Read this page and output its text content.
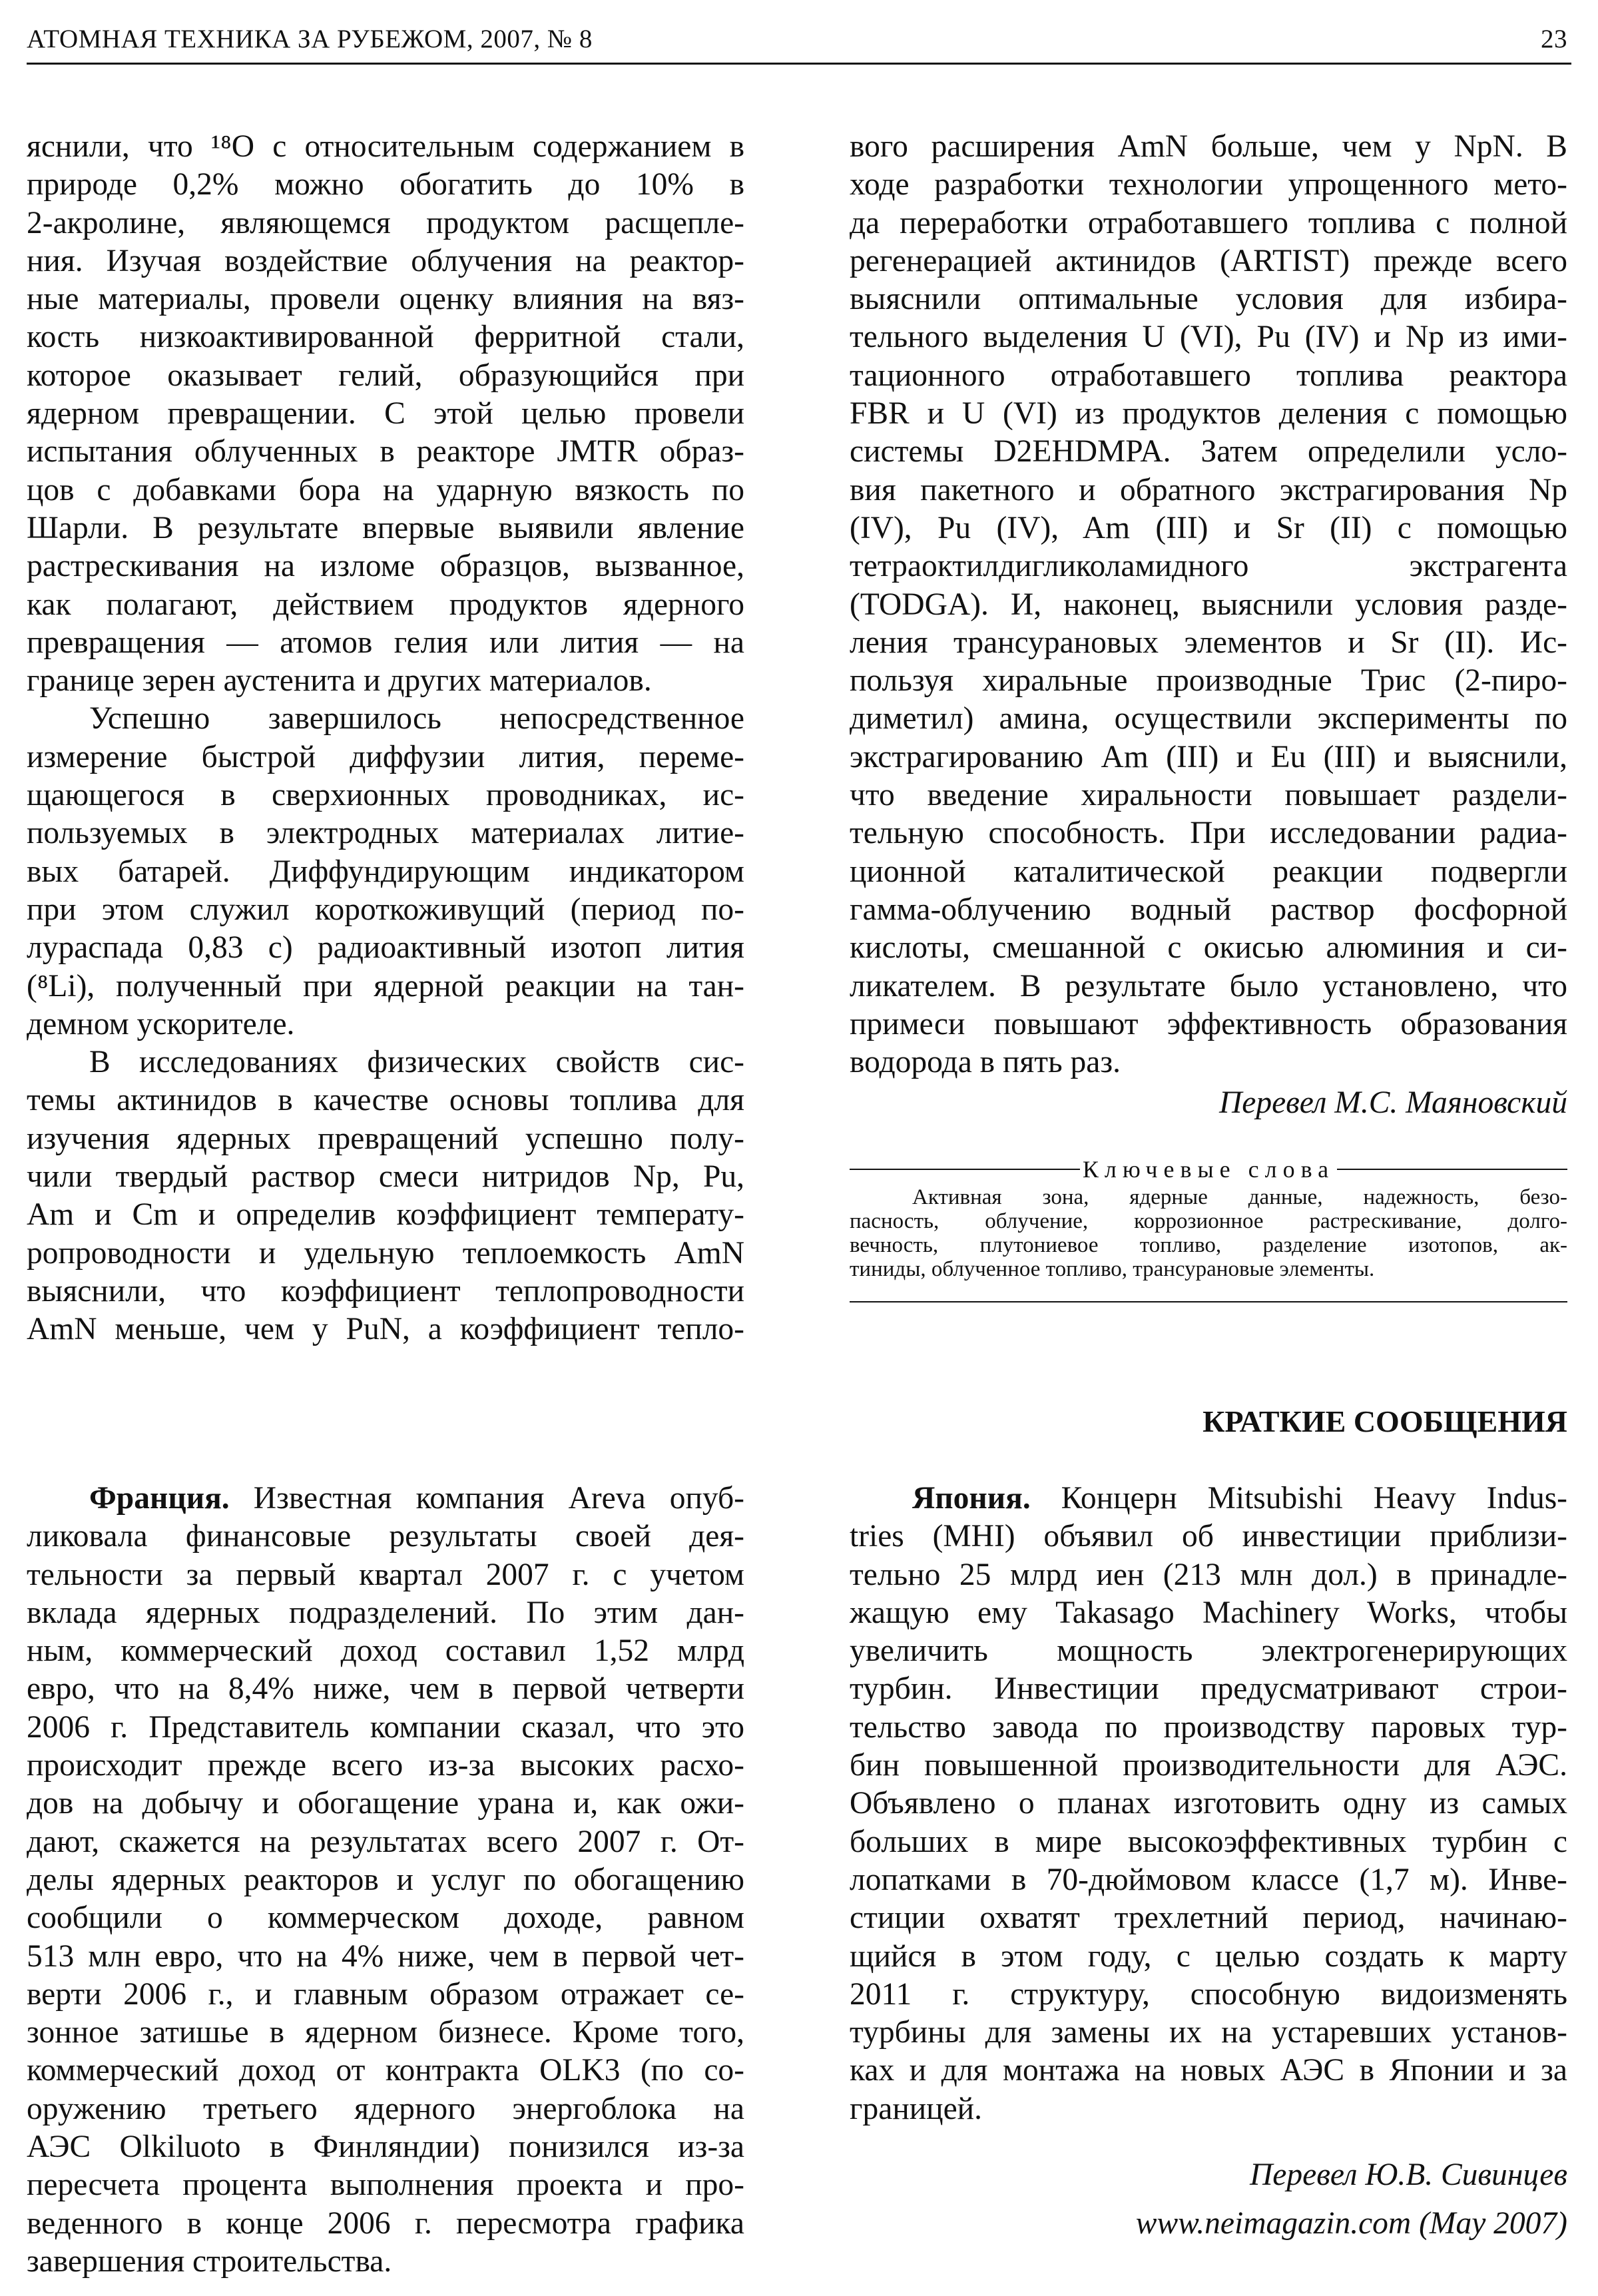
АТОМНАЯ ТЕХНИКА ЗА РУБЕЖОМ, 2007, № 8	23
яснили, что ¹⁸О с относительным содержанием в
природе 0,2% можно обогатить до 10% в
2-акролине, являющемся продуктом расщепле-
ния. Изучая воздействие облучения на реактор-
ные материалы, провели оценку влияния на вяз-
кость низкоактивированной ферритной стали,
которое оказывает гелий, образующийся при
ядерном превращении. С этой целью провели
испытания облученных в реакторе JMTR образ-
цов с добавками бора на ударную вязкость по
Шарли. В результате впервые выявили явление
растрескивания на изломе образцов, вызванное,
как полагают, действием продуктов ядерного
превращения — атомов гелия или лития — на
границе зерен аустенита и других материалов.
Успешно завершилось непосредственное
измерение быстрой диффузии лития, переме-
щающегося в сверхионных проводниках, ис-
пользуемых в электродных материалах литие-
вых батарей. Диффундирующим индикатором
при этом служил короткоживущий (период по-
лураспада 0,83 с) радиоактивный изотоп лития
(⁸Li), полученный при ядерной реакции на тан-
демном ускорителе.
В исследованиях физических свойств сис-
темы актинидов в качестве основы топлива для
изучения ядерных превращений успешно полу-
чили твердый раствор смеси нитридов Np, Pu,
Am и Cm и определив коэффициент температу-
ропроводности и удельную теплоемкость AmN
выяснили, что коэффициент теплопроводности
AmN меньше, чем у PuN, а коэффициент тепло-
вого расширения AmN больше, чем у NpN. В
ходе разработки технологии упрощенного мето-
да переработки отработавшего топлива с полной
регенерацией актинидов (ARTIST) прежде всего
выяснили оптимальные условия для избира-
тельного выделения U (VI), Pu (IV) и Np из ими-
тационного отработавшего топлива реактора
FBR и U (VI) из продуктов деления с помощью
системы D2EHDMPA. Затем определили усло-
вия пакетного и обратного экстрагирования Np
(IV), Pu (IV), Am (III) и Sr (II) с помощью
тетраоктилдигликоламидного экстрагента
(TODGA). И, наконец, выяснили условия разде-
ления трансурановых элементов и Sr (II). Ис-
пользуя хиральные производные Трис (2-пиро-
диметил) амина, осуществили эксперименты по
экстрагированию Am (III) и Eu (III) и выяснили,
что введение хиральности повышает раздели-
тельную способность. При исследовании радиа-
ционной каталитической реакции подвергли
гамма-облучению водный раствор фосфорной
кислоты, смешанной с окисью алюминия и си-
ликателем. В результате было установлено, что
примеси повышают эффективность образования
водорода в пять раз.
Перевел М.С. Маяновский
Ключевые слова
Активная зона, ядерные данные, надежность, безо-
пасность, облучение, коррозионное растрескивание, долго-
вечность, плутониевое топливо, разделение изотопов, ак-
тиниды, облученное топливо, трансурановые элементы.
КРАТКИЕ СООБЩЕНИЯ
Франция. Известная компания Areva опуб-
ликовала финансовые результаты своей дея-
тельности за первый квартал 2007 г. с учетом
вклада ядерных подразделений. По этим дан-
ным, коммерческий доход составил 1,52 млрд
евро, что на 8,4% ниже, чем в первой четверти
2006 г. Представитель компании сказал, что это
происходит прежде всего из-за высоких расхо-
дов на добычу и обогащение урана и, как ожи-
дают, скажется на результатах всего 2007 г. От-
делы ядерных реакторов и услуг по обогащению
сообщили о коммерческом доходе, равном
513 млн евро, что на 4% ниже, чем в первой чет-
верти 2006 г., и главным образом отражает се-
зонное затишье в ядерном бизнесе. Кроме того,
коммерческий доход от контракта OLK3 (по со-
оружению третьего ядерного энергоблока на
АЭС Olkiluoto в Финляндии) понизился из-за
пересчета процента выполнения проекта и про-
веденного в конце 2006 г. пересмотра графика
завершения строительства.
Япония. Концерн Mitsubishi Heavy Indus-
tries (MHI) объявил об инвестиции приблизи-
тельно 25 млрд иен (213 млн дол.) в принадле-
жащую ему Takasago Machinery Works, чтобы
увеличить мощность электрогенерирующих
турбин. Инвестиции предусматривают строи-
тельство завода по производству паровых тур-
бин повышенной производительности для АЭС.
Объявлено о планах изготовить одну из самых
больших в мире высокоэффективных турбин с
лопатками в 70-дюймовом классе (1,7 м). Инве-
стиции охватят трехлетний период, начинаю-
щийся в этом году, с целью создать к марту
2011 г. структуру, способную видоизменять
турбины для замены их на устаревших установ-
ках и для монтажа на новых АЭС в Японии и за
границей.
Перевел Ю.В. Сивинцев
www.neimagazin.com (May 2007)
